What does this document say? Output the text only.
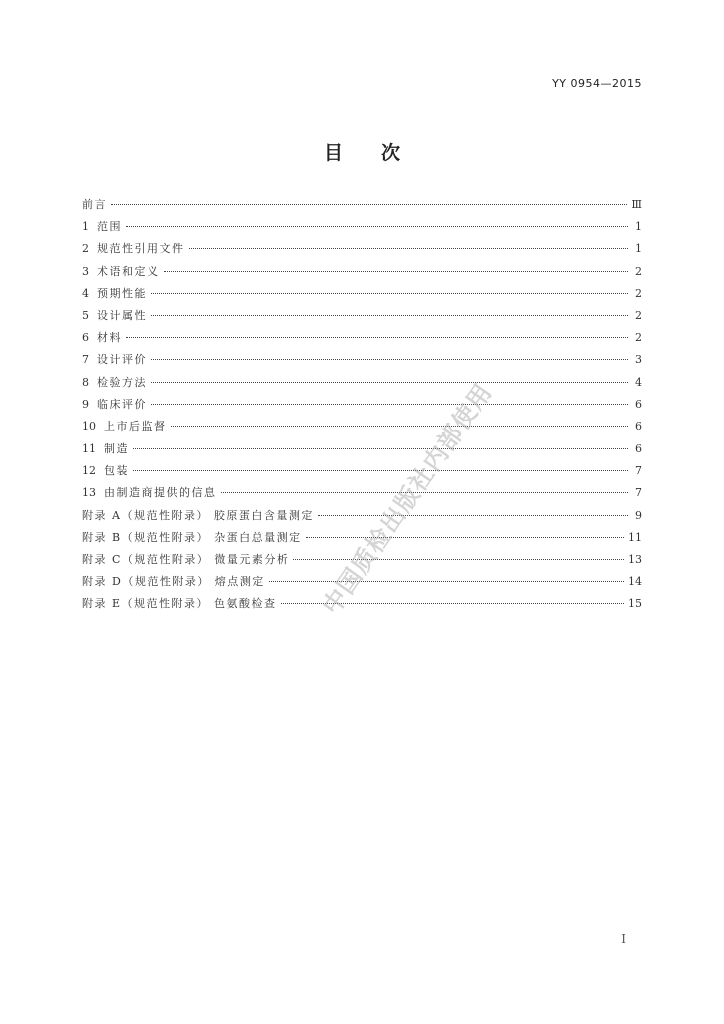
YY 0954—2015
目次
前言	Ⅲ
1 范围	1
2 规范性引用文件	1
3 术语和定义	2
4 预期性能	2
5 设计属性	2
6 材料	2
7 设计评价	3
8 检验方法	4
9 临床评价	6
10 上市后监督	6
11 制造	6
12 包装	7
13 由制造商提供的信息	7
附录 A（规范性附录） 胶原蛋白含量测定	9
附录 B（规范性附录） 杂蛋白总量测定	11
附录 C（规范性附录） 微量元素分析	13
附录 D（规范性附录） 熔点测定	14
附录 E（规范性附录） 色氨酸检查	15
I
中国质检出版社内部使用
